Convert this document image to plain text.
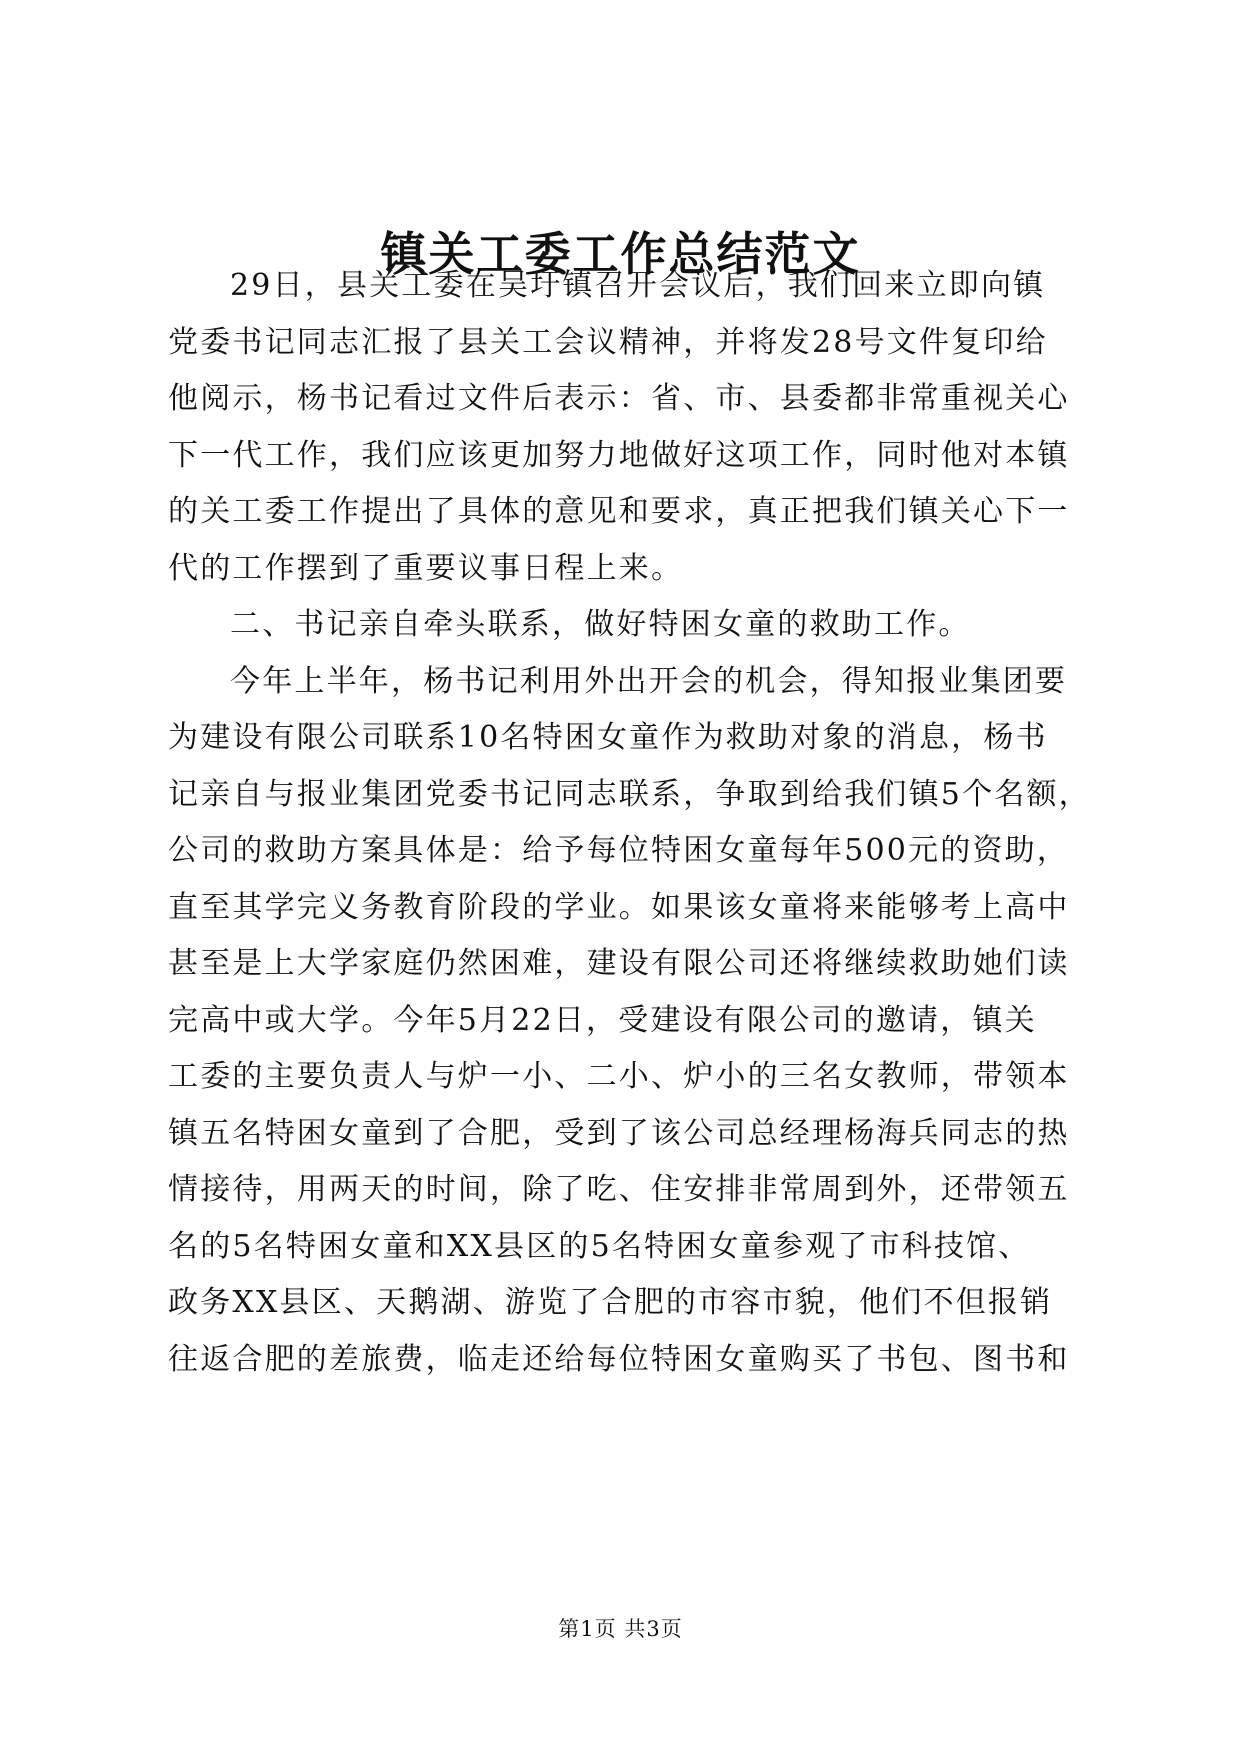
镇关工委工作总结范文

29日，县关工委在吴圩镇召开会议后，我们回来立即向镇

党委书记同志汇报了县关工会议精神，并将发28号文件复印给

他阅示，杨书记看过文件后表示：省、市、县委都非常重视关心

下一代工作，我们应该更加努力地做好这项工作，同时他对本镇

的关工委工作提出了具体的意见和要求，真正把我们镇关心下一

代的工作摆到了重要议事日程上来。

二、书记亲自牵头联系，做好特困女童的救助工作。

今年上半年，杨书记利用外出开会的机会，得知报业集团要

为建设有限公司联系10名特困女童作为救助对象的消息，杨书

记亲自与报业集团党委书记同志联系，争取到给我们镇5个名额，

公司的救助方案具体是：给予每位特困女童每年500元的资助，

直至其学完义务教育阶段的学业。如果该女童将来能够考上高中

甚至是上大学家庭仍然困难，建设有限公司还将继续救助她们读

完高中或大学。今年5月22日，受建设有限公司的邀请，镇关

工委的主要负责人与炉一小、二小、炉小的三名女教师，带领本

镇五名特困女童到了合肥，受到了该公司总经理杨海兵同志的热

情接待，用两天的时间，除了吃、住安排非常周到外，还带领五

名的5名特困女童和XX县区的5名特困女童参观了市科技馆、

政务XX县区、天鹅湖、游览了合肥的市容市貌，他们不但报销

往返合肥的差旅费，临走还给每位特困女童购买了书包、图书和

第1页 共3页
